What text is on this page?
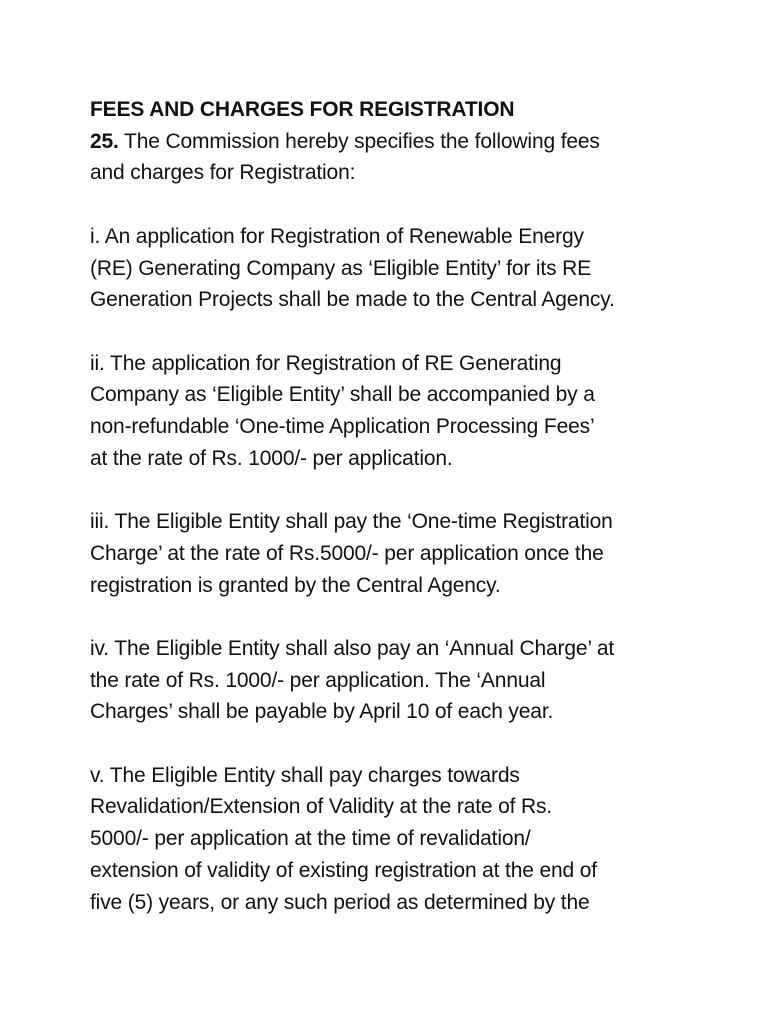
FEES AND CHARGES FOR REGISTRATION
25. The Commission hereby specifies the following fees
and charges for Registration:
i. An application for Registration of Renewable Energy
(RE) Generating Company as ‘Eligible Entity’ for its RE
Generation Projects shall be made to the Central Agency.
ii. The application for Registration of RE Generating
Company as ‘Eligible Entity’ shall be accompanied by a
non-refundable ‘One-time Application Processing Fees’
at the rate of Rs. 1000/- per application.
iii. The Eligible Entity shall pay the ‘One-time Registration
Charge’ at the rate of Rs.5000/- per application once the
registration is granted by the Central Agency.
iv. The Eligible Entity shall also pay an ‘Annual Charge’ at
the rate of Rs. 1000/- per application. The ‘Annual
Charges’ shall be payable by April 10 of each year.
v. The Eligible Entity shall pay charges towards
Revalidation/Extension of Validity at the rate of Rs.
5000/- per application at the time of revalidation/
extension of validity of existing registration at the end of
five (5) years, or any such period as determined by the
